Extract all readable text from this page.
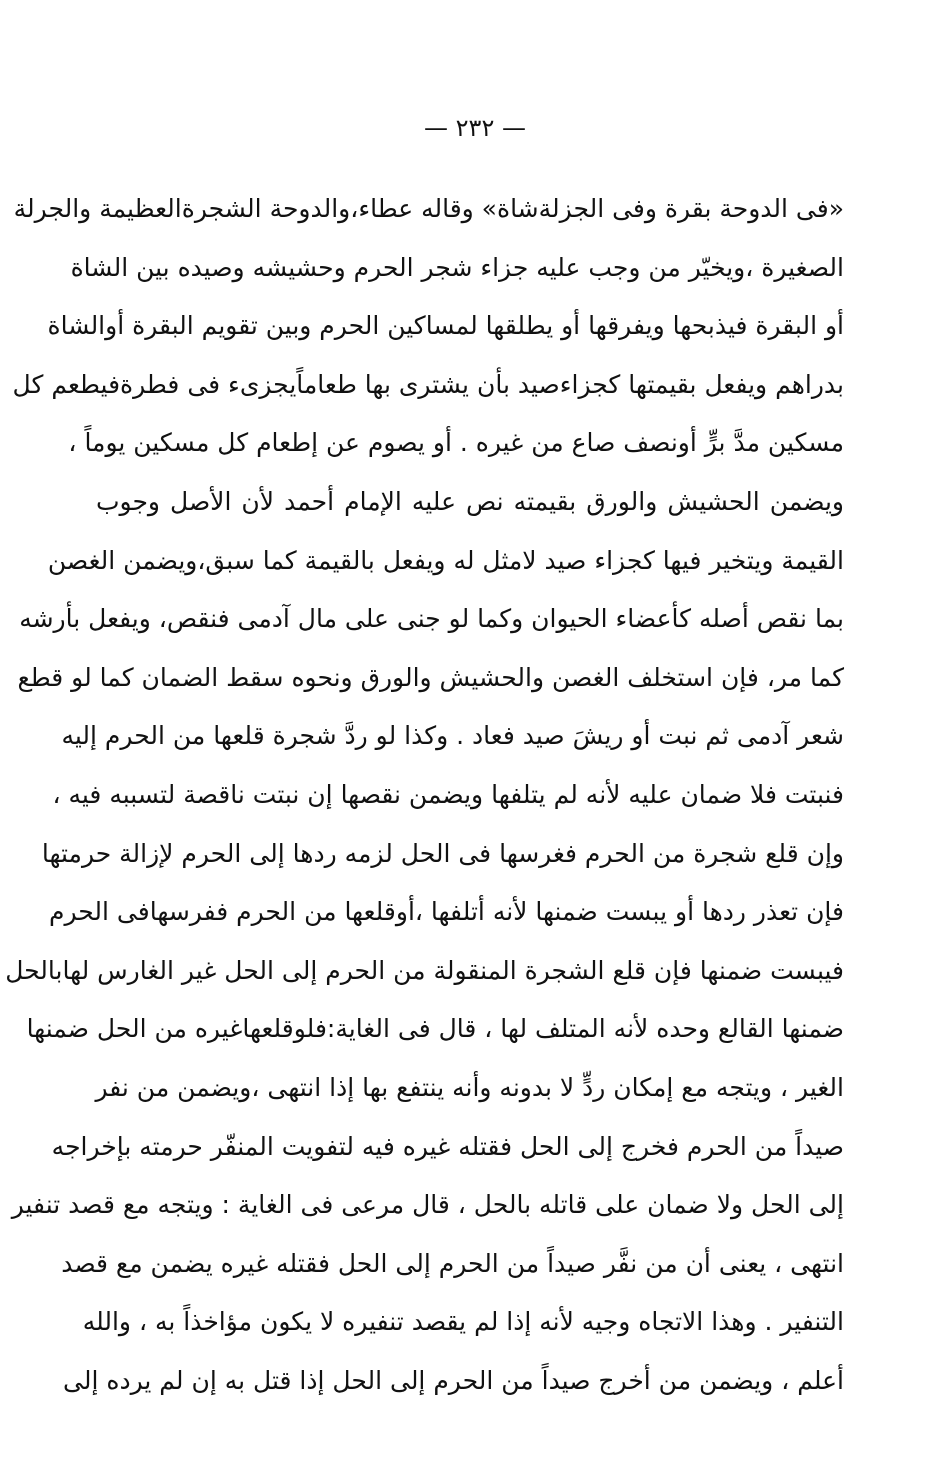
— ٢٣٢ —
«فى الدوحة بقرة وفى الجزلةشاة» وقاله عطاء،والدوحة الشجرةالعظيمة والجرلة
الصغيرة ،ويخيّر من وجب عليه جزاء شجر الحرم وحشيشه وصيده بين الشاة
أو البقرة فيذبحها ويفرقها أو يطلقها لمساكين الحرم وبين تقويم البقرة أوالشاة
بدراهم ويفعل بقيمتها كجزاءصيد بأن يشترى بها طعاماًيجزىء فى فطرةفيطعم كل
مسكين مدَّ برٍّ أونصف صاع من غيره . أو يصوم عن إطعام كل مسكين يوماً ،
ويضمن الحشيش والورق بقيمته نص عليه الإمام أحمد لأن الأصل وجوب
القيمة ويتخير فيها كجزاء صيد لامثل له ويفعل بالقيمة كما سبق،ويضمن الغصن
بما نقص أصله كأعضاء الحيوان وكما لو جنى على مال آدمى فنقص، ويفعل بأرشه
كما مر، فإن استخلف الغصن والحشيش والورق ونحوه سقط الضمان كما لو قطع
شعر آدمى ثم نبت أو ريشَ صيد فعاد . وكذا لو ردَّ شجرة قلعها من الحرم إليه
فنبتت فلا ضمان عليه لأنه لم يتلفها ويضمن نقصها إن نبتت ناقصة لتسببه فيه ،
وإن قلع شجرة من الحرم فغرسها فى الحل لزمه ردها إلى الحرم لإزالة حرمتها
فإن تعذر ردها أو يبست ضمنها لأنه أتلفها ،أوقلعها من الحرم ففرسهافى الحرم
فيبست ضمنها فإن قلع الشجرة المنقولة من الحرم إلى الحل غير الغارس لهابالحل
ضمنها القالع وحده لأنه المتلف لها ، قال فى الغاية:فلوقلعهاغيره من الحل ضمنها
الغير ، ويتجه مع إمكان ردٍّ لا بدونه وأنه ينتفع بها إذا انتهى ،ويضمن من نفر
صيداً من الحرم فخرج إلى الحل فقتله غيره فيه لتفويت المنفّر حرمته بإخراجه
إلى الحل ولا ضمان على قاتله بالحل ، قال مرعى فى الغاية : ويتجه مع قصد تنفير
انتهى ، يعنى أن من نفَّر صيداً من الحرم إلى الحل فقتله غيره يضمن مع قصد
التنفير . وهذا الاتجاه وجيه لأنه إذا لم يقصد تنفيره لا يكون مؤاخذاً به ، والله
أعلم ، ويضمن من أخرج صيداً من الحرم إلى الحل إذا قتل به إن لم يرده إلى
